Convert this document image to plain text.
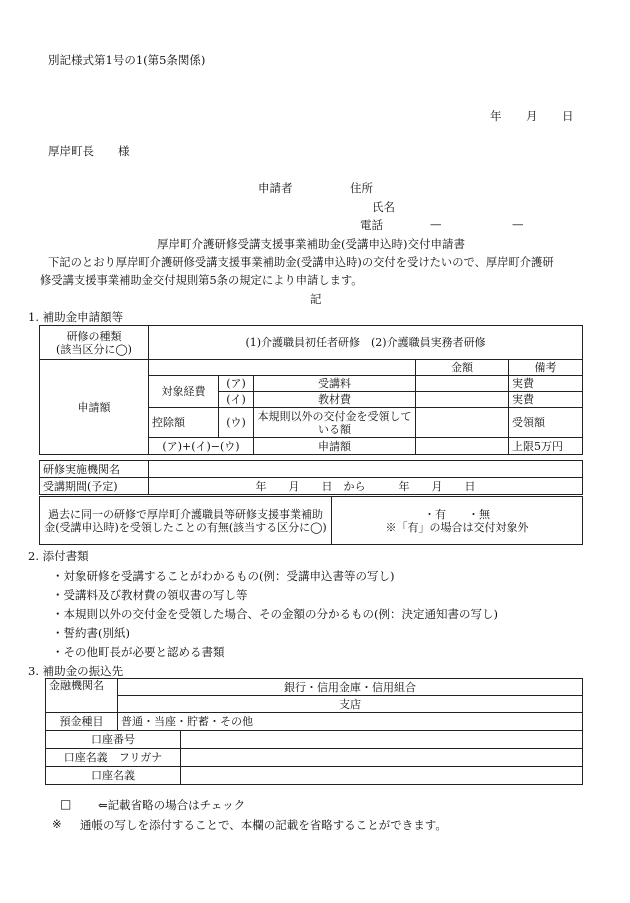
別記様式第1号の1(第5条関係)
年 月 日
厚岸町長 様
申請者	住所
氏名
電話	—	—
厚岸町介護研修受講支援事業補助金(受講申込時)交付申請書
下記のとおり厚岸町介護研修受講支援事業補助金(受講申込時)の交付を受けたいので、厚岸町介護研
修受講支援事業補助金交付規則第5条の規定により申請します。
記
1. 補助金申請額等
研修の種類
(該当区分に◯)	(1)介護職員初任者研修　(2)介護職員実務者研修				
申請額				金額	備考
	対象経費	(ア)	受講料		実費
		(イ)	教材費		実費
	控除額	(ウ)	本規則以外の交付金を受領している額		受領額
	(ア)+(イ)−(ウ)		申請額		上限5万円
研修実施機関名	
受講期間(予定)	年　　月　　日　から　　　年　　月　　日
過去に同一の研修で厚岸町介護職員等研修支援事業補助金(受講申込時)を受領したことの有無(該当する区分に◯)	
・有　　・無
※「有」の場合は交付対象外
2. 添付書類
・対象研修を受講することがわかるもの(例：受講申込書等の写し)
・受講料及び教材費の領収書の写し等
・本規則以外の交付金を受領した場合、その金額の分かるもの(例：決定通知書の写し)
・誓約書(別紙)
・その他町長が必要と認める書類
3. 補助金の振込先
金融機関名	銀行・信用金庫・信用組合	
	支店	
預金種目	普通・当座・貯蓄・その他	
口座番号		
口座名義　フリガナ		
口座名義		
□ ⇐記載省略の場合はチェック
※ 通帳の写しを添付することで、本欄の記載を省略することができます。
